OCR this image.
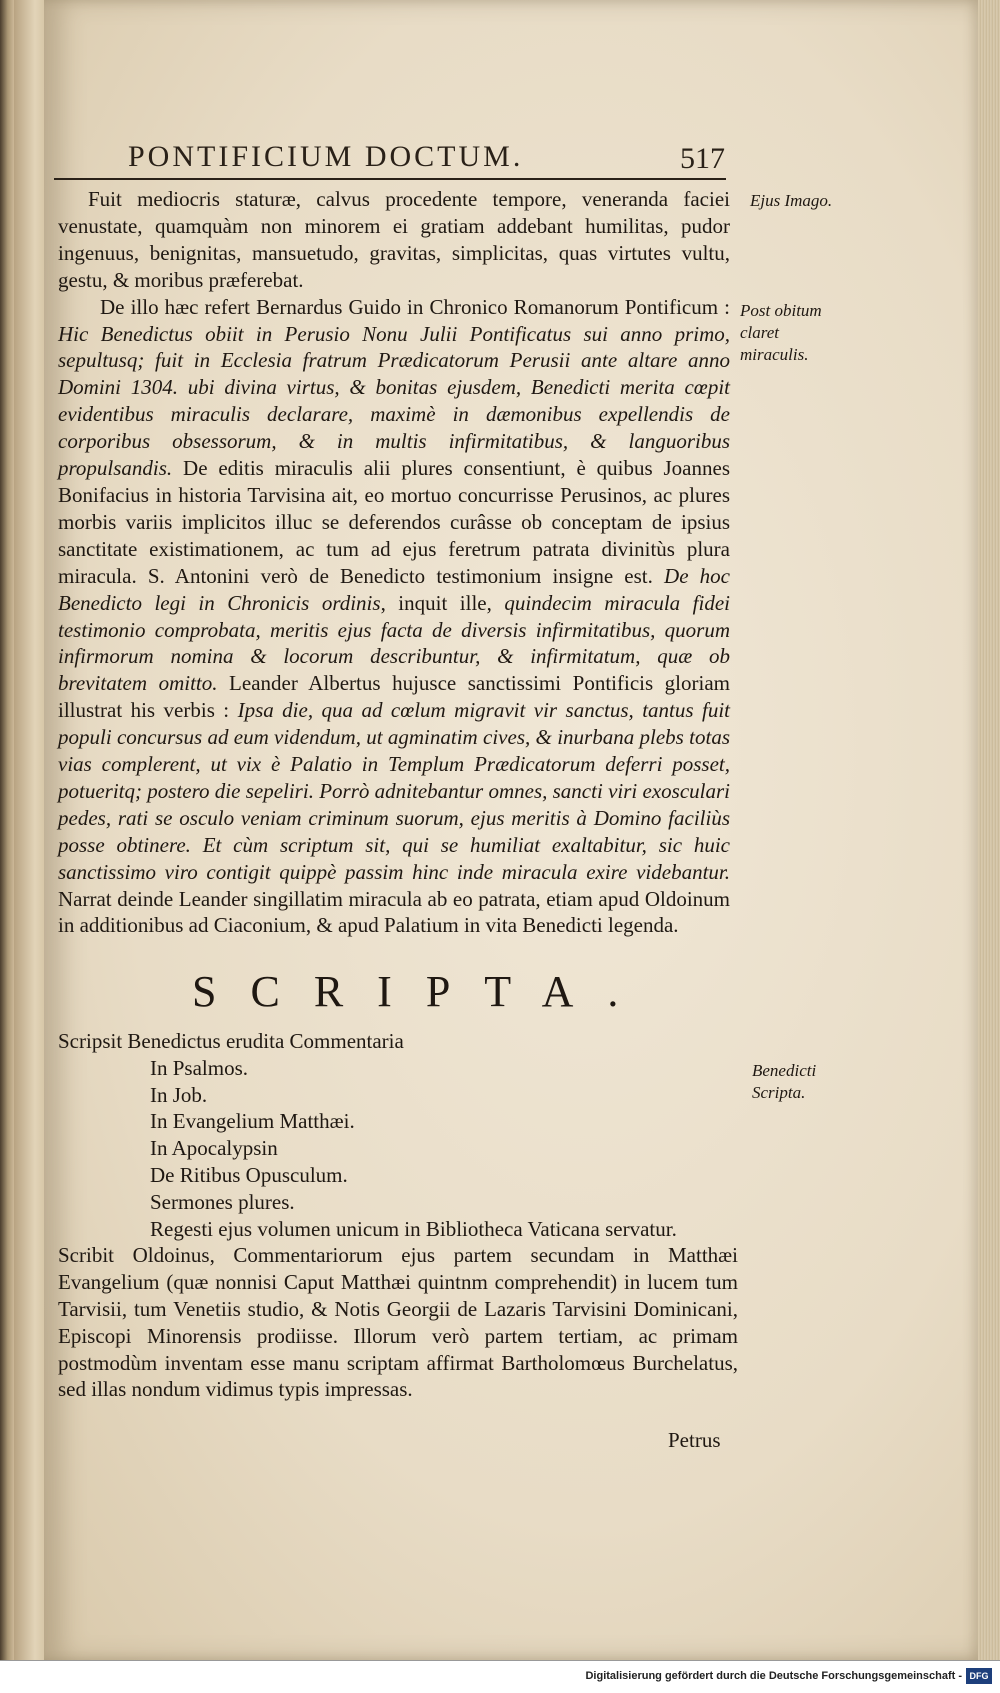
PONTIFICIUM DOCTUM.	517
Ejus Imago.
Post obitum claret miraculis.
Benedicti Scripta.

Fuit mediocris staturæ, calvus procedente tempore, veneranda faciei venustate, quamquàm non minorem ei gratiam addebant humilitas, pudor ingenuus, benignitas, mansuetudo, gravitas, simplicitas, quas virtutes vultu, gestu, & moribus præferebat.

De illo hæc refert Bernardus Guido in Chronico Romanorum Pontificum : Hic Benedictus obiit in Perusio Nonu Julii Pontificatus sui anno primo, sepultusq; fuit in Ecclesia fratrum Prædicatorum Perusii ante altare anno Domini 1304. ubi divina virtus, & bonitas ejusdem, Benedicti merita cœpit evidentibus miraculis declarare, maximè in dæmonibus expellendis de corporibus obsessorum, & in multis infirmitatibus, & languoribus propulsandis. De editis miraculis alii plures consentiunt, è quibus Joannes Bonifacius in historia Tarvisina ait, eo mortuo concurrisse Perusinos, ac plures morbis variis implicitos illuc se deferendos curâsse ob conceptam de ipsius sanctitate existimationem, ac tum ad ejus feretrum patrata divinitùs plura miracula. S. Antonini verò de Benedicto testimonium insigne est. De hoc Benedicto legi in Chronicis ordinis, inquit ille, quindecim miracula fidei testimonio comprobata, meritis ejus facta de diversis infirmitatibus, quorum infirmorum nomina & locorum describuntur, & infirmitatum, quæ ob brevitatem omitto. Leander Albertus hujusce sanctissimi Pontificis gloriam illustrat his verbis : Ipsa die, qua ad cœlum migravit vir sanctus, tantus fuit populi concursus ad eum videndum, ut agminatim cives, & inurbana plebs totas vias complerent, ut vix è Palatio in Templum Prædicatorum deferri posset, potueritq; postero die sepeliri. Porrò adnitebantur omnes, sancti viri exosculari pedes, rati se osculo veniam criminum suorum, ejus meritis à Domino faciliùs posse obtinere. Et cùm scriptum sit, qui se humiliat exaltabitur, sic huic sanctissimo viro contigit quippè passim hinc inde miracula exire videbantur. Narrat deinde Leander singillatim miracula ab eo patrata, etiam apud Oldoinum in additionibus ad Ciaconium, & apud Palatium in vita Benedicti legenda.

SCRIPTA.

Scripsit Benedictus erudita Commentaria

In Psalmos.
In Job.
In Evangelium Matthæi.
In Apocalypsin
De Ritibus Opusculum.
Sermones plures.
Regesti ejus volumen unicum in Bibliotheca Vaticana servatur.

Scribit Oldoinus, Commentariorum ejus partem secundam in Matthæi Evangelium (quæ nonnisi Caput Matthæi quintnm comprehendit) in lucem tum Tarvisii, tum Venetiis studio, & Notis Georgii de Lazaris Tarvisini Dominicani, Episcopi Minorensis prodiisse. Illorum verò partem tertiam, ac primam postmodùm inventam esse manu scriptam affirmat Bartholomœus Burchelatus, sed illas nondum vidimus typis impressas.

Petrus
Digitalisierung gefördert durch die Deutsche Forschungsgemeinschaft - DFG
